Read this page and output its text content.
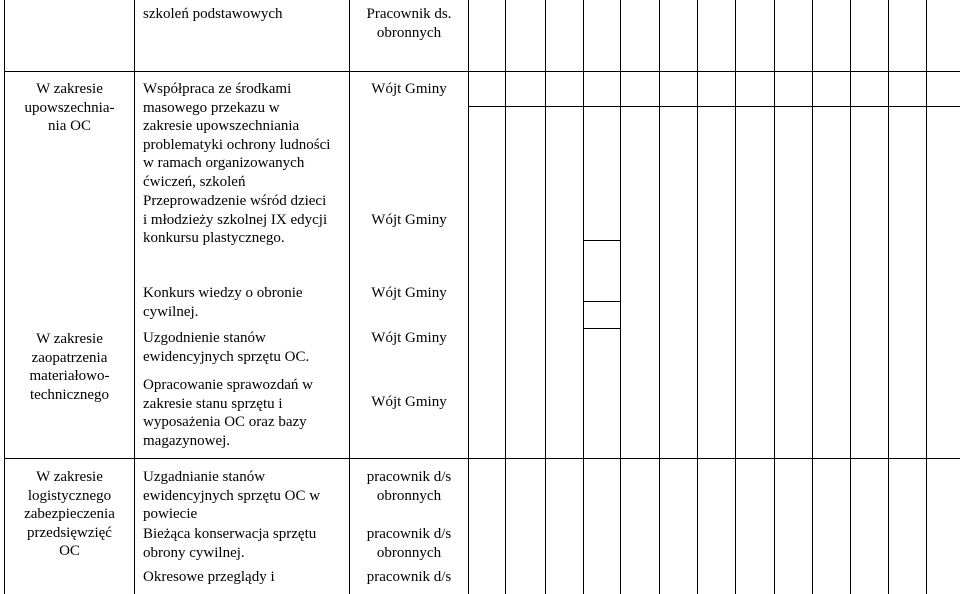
szkoleń podstawowych	Pracownik ds.
obronnych
W zakresie
upowszechnia-
nia OC
Współpraca ze środkami
masowego przekazu w
zakresie upowszechniania
problematyki ochrony ludności
w ramach organizowanych
ćwiczeń, szkoleń
Przeprowadzenie wśród dzieci
i młodzieży szkolnej IX edycji
konkursu plastycznego.
Wójt Gminy
Wójt Gminy
W zakresie
zaopatrzenia
materiałowo-
technicznego
Konkurs wiedzy o obronie
cywilnej.
Uzgodnienie stanów
ewidencyjnych sprzętu OC.
Opracowanie sprawozdań w
zakresie stanu sprzętu i
wyposażenia OC oraz bazy
magazynowej.
Wójt Gminy
Wójt Gminy
Wójt Gminy
W zakresie
logistycznego
zabezpieczenia
przedsięwzięć
OC
Uzgadnianie stanów
ewidencyjnych sprzętu OC w
powiecie
Bieżąca konserwacja sprzętu
obrony cywilnej.
Okresowe przeglądy i
pracownik d/s
obronnych
pracownik d/s
obronnych
pracownik d/s
